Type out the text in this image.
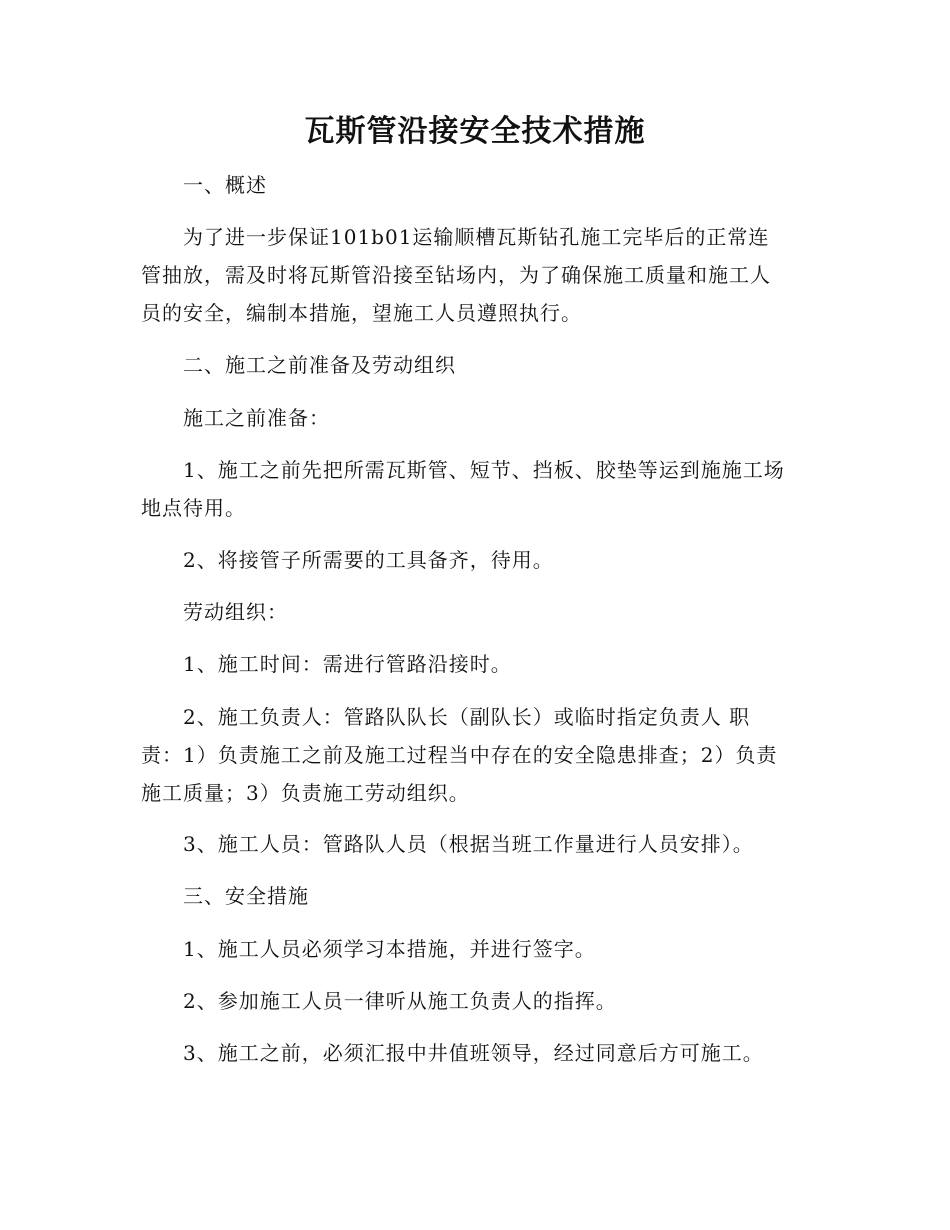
瓦斯管沿接安全技术措施
　　一、概述
　　为了进一步保证101b01运输顺槽瓦斯钻孔施工完毕后的正常连
管抽放，需及时将瓦斯管沿接至钻场内，为了确保施工质量和施工人
员的安全，编制本措施，望施工人员遵照执行。
　　二、施工之前准备及劳动组织
　　施工之前准备：
　　1、施工之前先把所需瓦斯管、短节、挡板、胶垫等运到施施工场
地点待用。
　　2、将接管子所需要的工具备齐，待用。
　　劳动组织：
　　1、施工时间：需进行管路沿接时。
　　2、施工负责人：管路队队长（副队长）或临时指定负责人 职
责：1）负责施工之前及施工过程当中存在的安全隐患排查；2）负责
施工质量；3）负责施工劳动组织。
　　3、施工人员：管路队人员（根据当班工作量进行人员安排）。
　　三、安全措施
　　1、施工人员必须学习本措施，并进行签字。
　　2、参加施工人员一律听从施工负责人的指挥。
　　3、施工之前，必须汇报中井值班领导，经过同意后方可施工。
